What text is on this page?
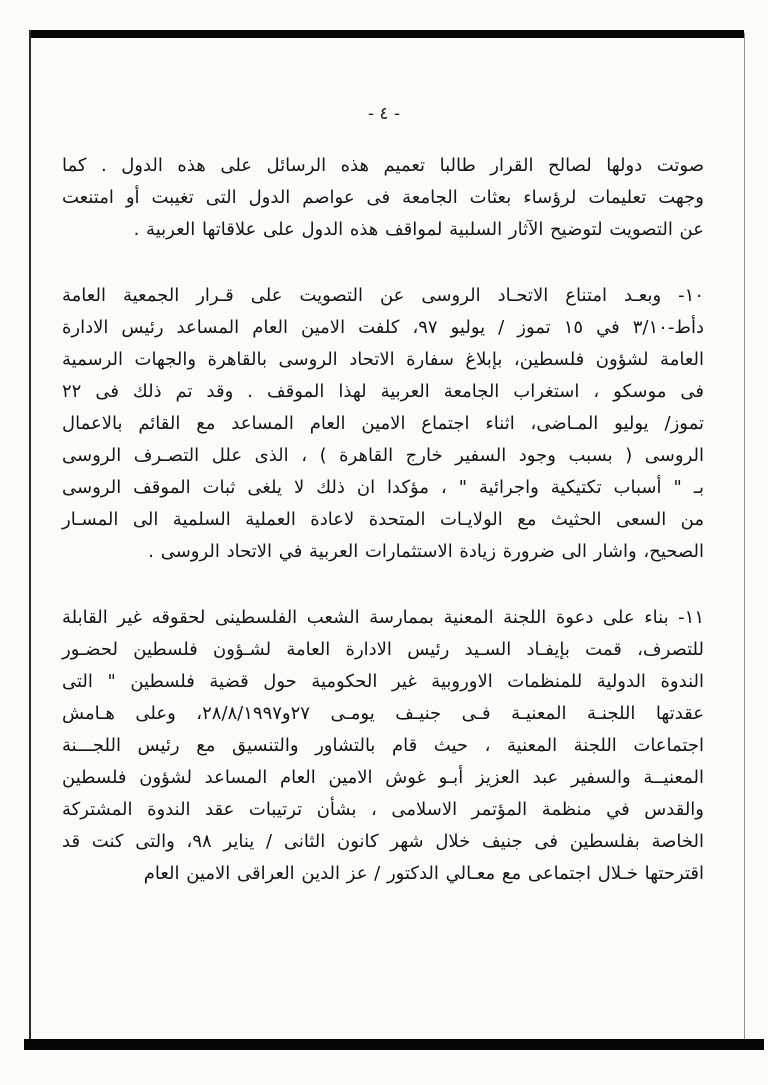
- ٤ -
صوتت دولها لصالح القرار طالبا تعميم هذه الرسائل على هذه الدول . كما
وجهت تعليمات لرؤساء بعثات الجامعة فى عواصم الدول التى تغيبت أو امتنعت
عن التصويت لتوضيح الآثار السلبية لمواقف هذه الدول على علاقاتها العربية .
١٠- وبعـد امتناع الاتحـاد الروسى عن التصويت على قـرار الجمعية العامة
دأط-٣/١٠ في ١٥ تموز / يوليو ٩٧، كلفت الامين العام المساعد رئيس الادارة
العامة لشؤون فلسطين، بإبلاغ سفارة الاتحاد الروسى بالقاهرة والجهات الرسمية
فى موسكو ، استغراب الجامعة العربية لهذا الموقف . وقد تم ذلك فى ٢٢
تموز/ يوليو المـاضى، اثناء اجتماع الامين العام المساعد مع القائم بالاعمال
الروسى ( بسبب وجود السفير خارج القاهرة ) ، الذى علل التصـرف الروسى
بـ " أسباب تكتيكية واجرائية " ، مؤكدا ان ذلك لا يلغى ثبات الموقف الروسى
من السعى الحثيث مع الولايـات المتحدة لاعادة العملية السلمية الى المسـار
الصحيح، واشار الى ضرورة زيادة الاستثمارات العربية في الاتحاد الروسى .
١١- بناء على دعوة اللجنة المعنية بممارسة الشعب الفلسطينى لحقوقه غير القابلة
للتصرف، قمت بإيفـاد السـيد رئيس الادارة العامة لشـؤون فلسطين لحضـور
الندوة الدولية للمنظمات الاوروبية غير الحكومية حول قضية فلسطين " التى
عقدتها اللجنـة المعنيـة فـى جنيـف يومـى ٢٧و٢٨/٨/١٩٩٧، وعلى هـامش
اجتماعات اللجنة المعنية ، حيث قام بالتشاور والتنسيق مع رئيس اللجـــنة
المعنيــة والسفير عبد العزيز أبـو غوش الامين العام المساعد لشؤون فلسطين
والقدس في منظمة المؤتمر الاسلامى ، بشأن ترتيبات عقد الندوة المشتركة
الخاصة بفلسطين فى جنيف خلال شهر كانون الثانى / يناير ٩٨، والتى كنت قد
اقترحتها خـلال اجتماعى مع معـالي الدكتور / عز الدين العراقى الامين العام
